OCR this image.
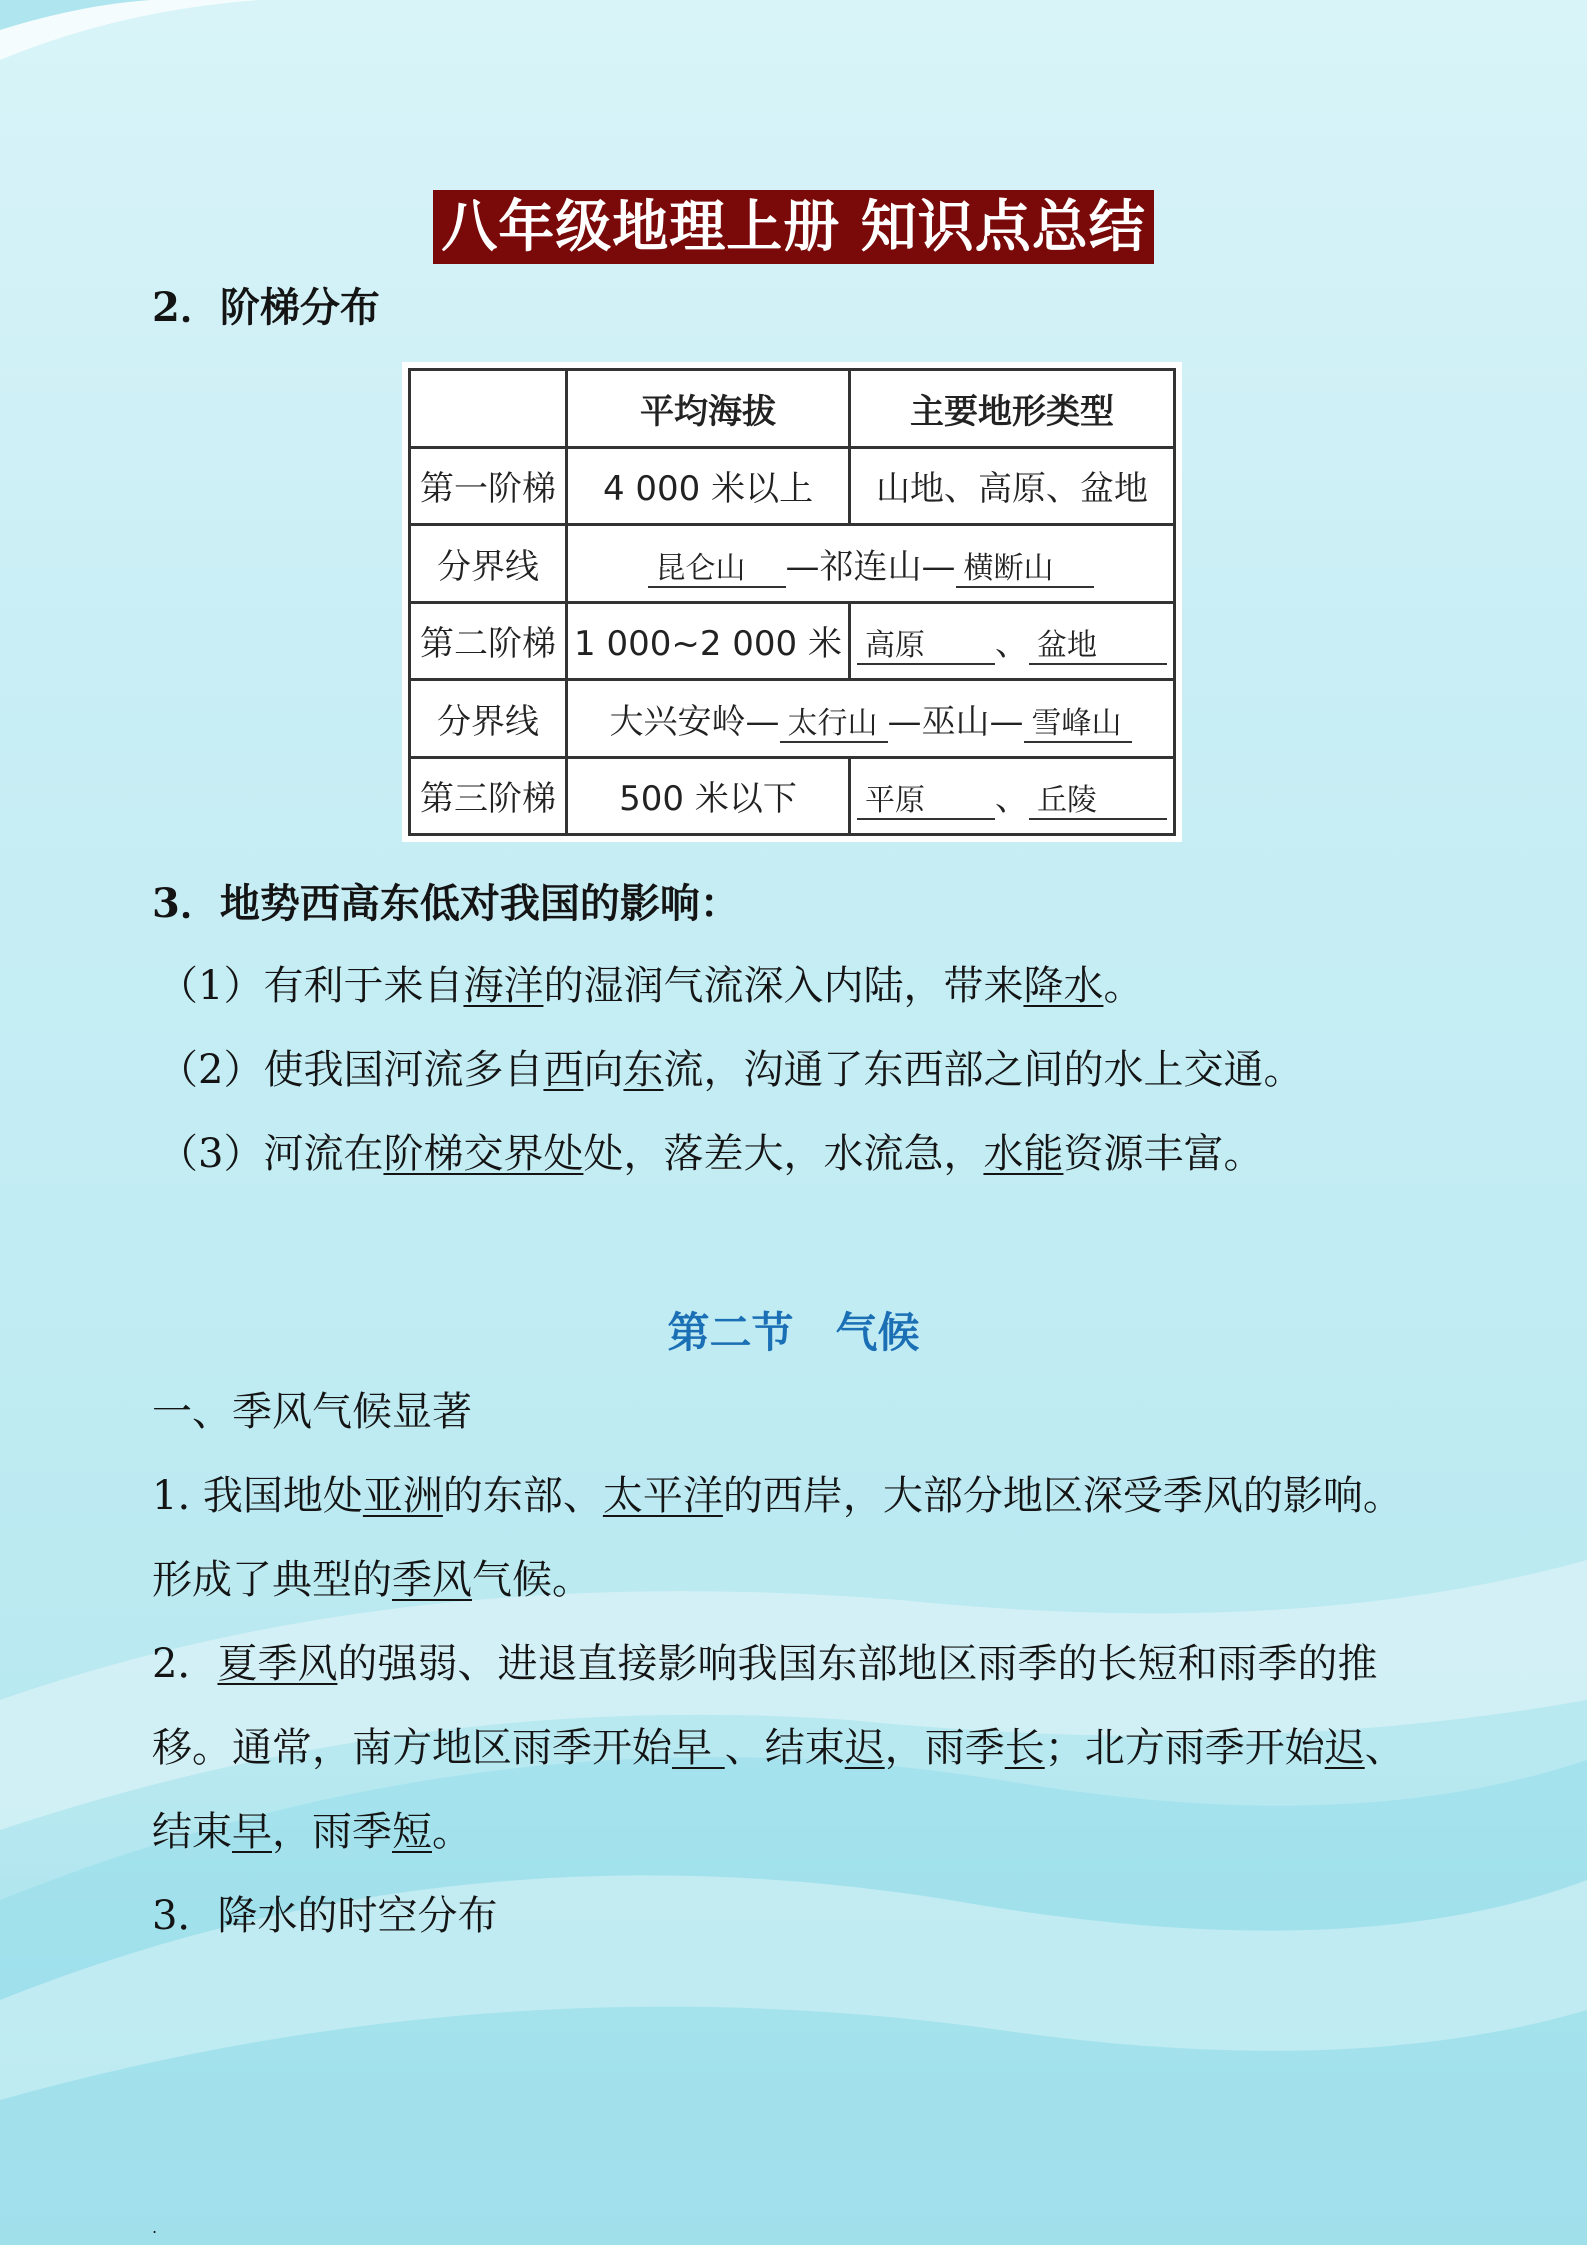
八年级地理上册 知识点总结
2．阶梯分布
	平均海拔	主要地形类型
第一阶梯	4 000 米以上	山地、高原、盆地
分界线	昆仑山 —祁连山— 横断山	
第二阶梯	1 000~2 000 米	高原 、 盆地
分界线	大兴安岭— 太行山 —巫山— 雪峰山	
第三阶梯	500 米以下	平原 、 丘陵
3．地势西高东低对我国的影响：
（1）有利于来自海洋的湿润气流深入内陆，带来降水。
（2）使我国河流多自西向东流，沟通了东西部之间的水上交通。
（3）河流在阶梯交界处处，落差大，水流急，水能资源丰富。
第二节　气候
一、季风气候显著
1. 我国地处亚洲的东部、太平洋的西岸，大部分地区深受季风的影响。
形成了典型的季风气候。
2．夏季风的强弱、进退直接影响我国东部地区雨季的长短和雨季的推
移。通常，南方地区雨季开始早 、结束迟，雨季长；北方雨季开始迟、
结束早，雨季短。
3．降水的时空分布
.
